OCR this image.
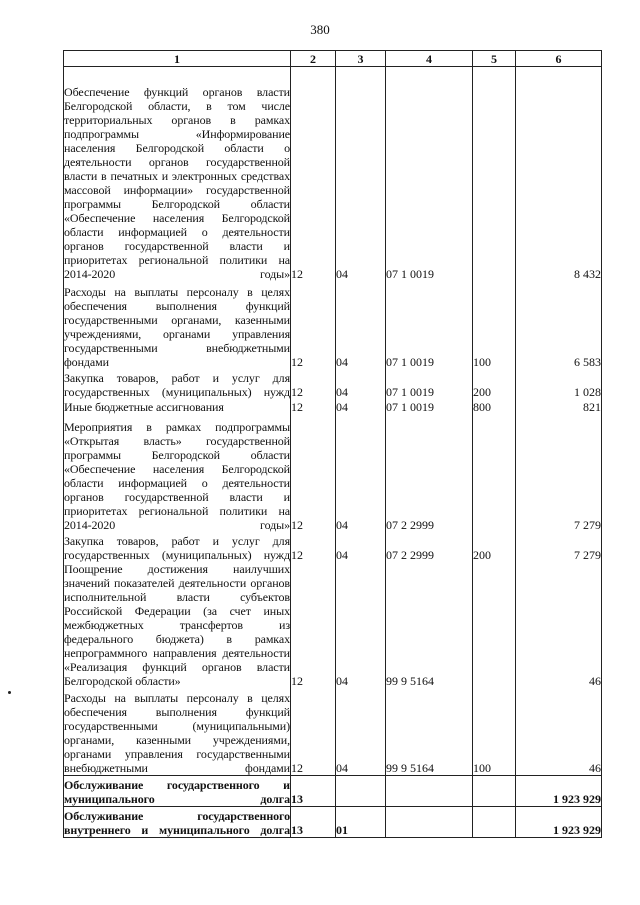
380
1	2	3	4	5	6
Обеспечение функций органов власти Белгородской области, в том числе территориальных органов в рамках подпрограммы «Информирование населения Белгородской области о деятельности органов государственной власти в печатных и электронных средствах массовой информации» государственной программы Белгородской области «Обеспечение населения Белгородской области информацией о деятельности органов государственной власти и приоритетах региональной политики на 2014-2020 годы»	12	04	07 1 0019		8 432
Расходы на выплаты персоналу в целях обеспечения выполнения функций государственными органами, казенными учреждениями, органами управления государственными внебюджетными фондами	12	04	07 1 0019	100	6 583
Закупка товаров, работ и услуг для государственных (муниципальных) нужд	12	04	07 1 0019	200	1 028
Иные бюджетные ассигнования	12	04	07 1 0019	800	821
Мероприятия в рамках подпрограммы «Открытая власть» государственной программы Белгородской области «Обеспечение населения Белгородской области информацией о деятельности органов государственной власти и приоритетах региональной политики на 2014-2020 годы»	12	04	07 2 2999		7 279
Закупка товаров, работ и услуг для государственных (муниципальных) нужд	12	04	07 2 2999	200	7 279
Поощрение достижения наилучших значений показателей деятельности органов исполнительной власти субъектов Российской Федерации (за счет иных межбюджетных трансфертов из федерального бюджета) в рамках непрограммного направления деятельности «Реализация функций органов власти Белгородской области»	12	04	99 9 5164		46
Расходы на выплаты персоналу в целях обеспечения выполнения функций государственными (муниципальными) органами, казенными учреждениями, органами управления государственными внебюджетными фондами	12	04	99 9 5164	100	46
Обслуживание государственного и муниципального долга	13				1 923 929
Обслуживание государственного внутреннего и муниципального долга	13	01			1 923 929
